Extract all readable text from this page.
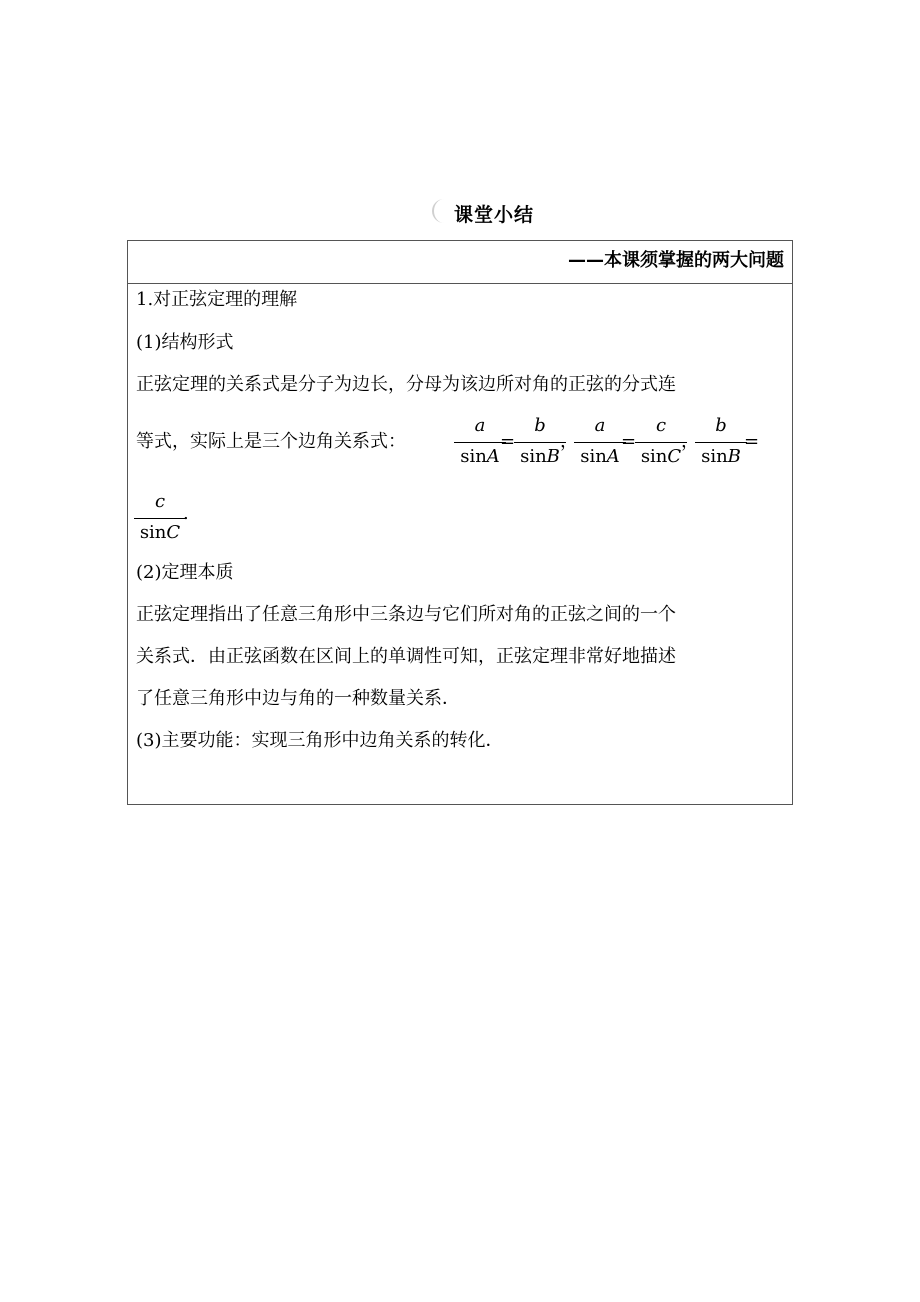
课堂小结
——本课须掌握的两大问题
1.对正弦定理的理解
(1)结构形式
正弦定理的关系式是分子为边长，分母为该边所对角的正弦的分式连
等式，实际上是三个边角关系式：
a
sinA
=
b
sinB
，
a
sinA
=
c
sinC
，
b
sinB
=
c
sinC
.
(2)定理本质
正弦定理指出了任意三角形中三条边与它们所对角的正弦之间的一个
关系式．由正弦函数在区间上的单调性可知，正弦定理非常好地描述
了任意三角形中边与角的一种数量关系．
(3)主要功能：实现三角形中边角关系的转化．
